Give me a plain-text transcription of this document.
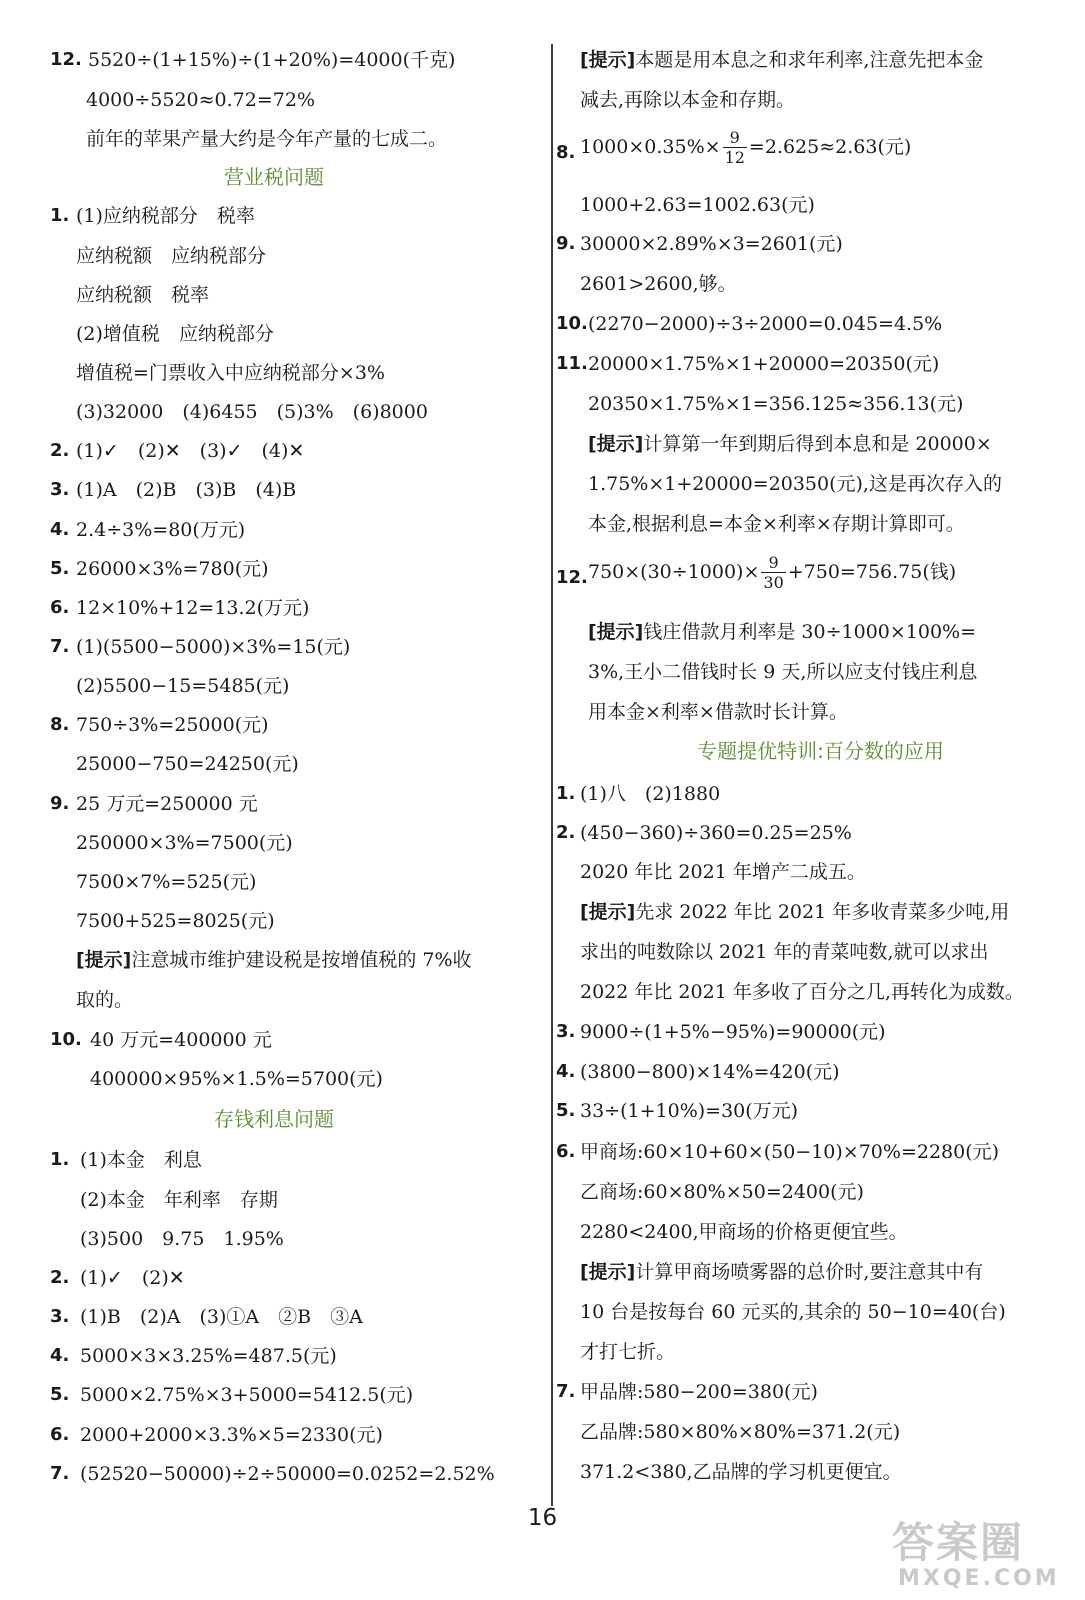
12. 5520÷(1+15%)÷(1+20%)=4000(千克)
4000÷5520≈0.72=72%
前年的苹果产量大约是今年产量的七成二。
营业税问题
1. (1)应纳税部分　税率
应纳税额　应纳税部分
应纳税额　税率
(2)增值税　应纳税部分
增值税=门票收入中应纳税部分×3%
(3)32000　(4)6455　(5)3%　(6)8000
2. (1)✓　(2)✕　(3)✓　(4)✕
3. (1)A　(2)B　(3)B　(4)B
4. 2.4÷3%=80(万元)
5. 26000×3%=780(元)
6. 12×10%+12=13.2(万元)
7. (1)(5500−5000)×3%=15(元)
(2)5500−15=5485(元)
8. 750÷3%=25000(元)
25000−750=24250(元)
9. 25 万元=250000 元
250000×3%=7500(元)
7500×7%=525(元)
7500+525=8025(元)
[提示]注意城市维护建设税是按增值税的 7%收
取的。
10. 40 万元=400000 元
400000×95%×1.5%=5700(元)
存钱利息问题
1. (1)本金　利息
(2)本金　年利率　存期
(3)500　9.75　1.95%
2. (1)✓　(2)✕
3. (1)B　(2)A　(3)①A　②B　③A
4. 5000×3×3.25%=487.5(元)
5. 5000×2.75%×3+5000=5412.5(元)
6. 2000+2000×3.3%×5=2330(元)
7. (52520−50000)÷2÷50000=0.0252=2.52%
[提示]本题是用本息之和求年利率,注意先把本金
减去,再除以本金和存期。
8. $1000\times 0.35\%\times \frac{9}{12} =2.625\approx 2.63$(元)
1000+2.63=1002.63(元)
9. 30000×2.89%×3=2601(元)
2601>2600,够。
10. (2270−2000)÷3÷2000=0.045=4.5%
11. 20000×1.75%×1+20000=20350(元)
20350×1.75%×1=356.125≈356.13(元)
[提示]计算第一年到期后得到本息和是 20000×
1.75%×1+20000=20350(元),这是再次存入的
本金,根据利息=本金×利率×存期计算即可。
12. $750\times(30\div 1000)\times \frac{9}{30} +750=756.75$(钱)
[提示]钱庄借款月利率是 30÷1000×100%=
3%,王小二借钱时长 9 天,所以应支付钱庄利息
用本金×利率×借款时长计算。
专题提优特训:百分数的应用
1. (1)八　(2)1880
2. (450−360)÷360=0.25=25%
2020 年比 2021 年增产二成五。
[提示]先求 2022 年比 2021 年多收青菜多少吨,用
求出的吨数除以 2021 年的青菜吨数,就可以求出
2022 年比 2021 年多收了百分之几,再转化为成数。
3. 9000÷(1+5%−95%)=90000(元)
4. (3800−800)×14%=420(元)
5. 33÷(1+10%)=30(万元)
6. 甲商场:60×10+60×(50−10)×70%=2280(元)
乙商场:60×80%×50=2400(元)
2280<2400,甲商场的价格更便宜些。
[提示]计算甲商场喷雾器的总价时,要注意其中有
10 台是按每台 60 元买的,其余的 50−10=40(台)
才打七折。
7. 甲品牌:580−200=380(元)
乙品牌:580×80%×80%=371.2(元)
371.2<380,乙品牌的学习机更便宜。
16	答案圈
MXQE.COM
